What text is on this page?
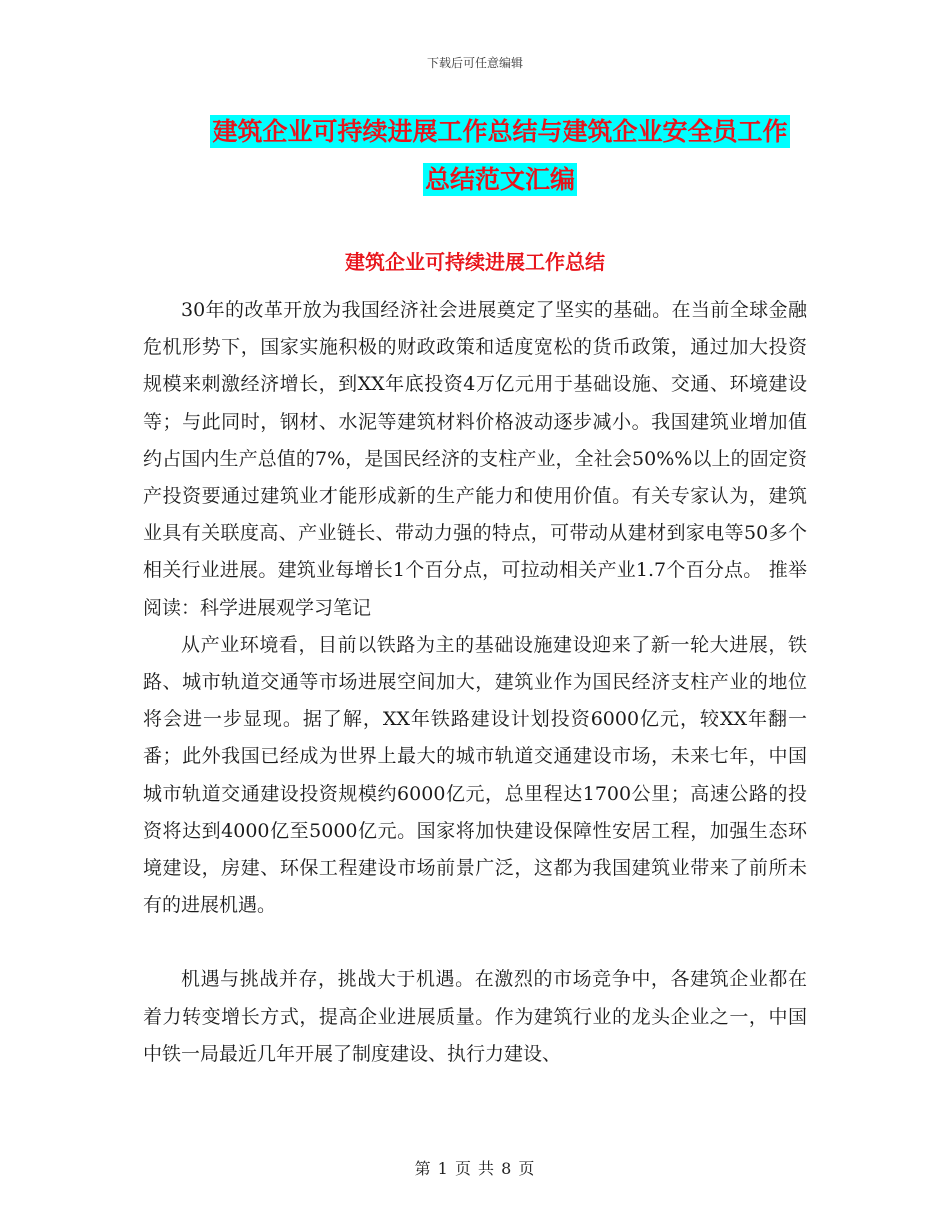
下载后可任意编辑
建筑企业可持续进展工作总结与建筑企业安全员工作
总结范文汇编
建筑企业可持续进展工作总结

30年的改革开放为我国经济社会进展奠定了坚实的基础。在当前全球金融危机形势下，国家实施积极的财政政策和适度宽松的货币政策，通过加大投资规模来刺激经济增长，到XX年底投资4万亿元用于基础设施、交通、环境建设等；与此同时，钢材、水泥等建筑材料价格波动逐步减小。我国建筑业增加值约占国内生产总值的7%，是国民经济的支柱产业，全社会50%%以上的固定资产投资要通过建筑业才能形成新的生产能力和使用价值。有关专家认为，建筑业具有关联度高、产业链长、带动力强的特点，可带动从建材到家电等50多个相关行业进展。建筑业每增长1个百分点，可拉动相关产业1.7个百分点。 推举阅读：科学进展观学习笔记

从产业环境看，目前以铁路为主的基础设施建设迎来了新一轮大进展，铁路、城市轨道交通等市场进展空间加大，建筑业作为国民经济支柱产业的地位将会进一步显现。据了解，XX年铁路建设计划投资6000亿元，较XX年翻一番；此外我国已经成为世界上最大的城市轨道交通建设市场，未来七年，中国城市轨道交通建设投资规模约6000亿元，总里程达1700公里；高速公路的投资将达到4000亿至5000亿元。国家将加快建设保障性安居工程，加强生态环境建设，房建、环保工程建设市场前景广泛，这都为我国建筑业带来了前所未有的进展机遇。

机遇与挑战并存，挑战大于机遇。在激烈的市场竞争中，各建筑企业都在着力转变增长方式，提高企业进展质量。作为建筑行业的龙头企业之一，中国中铁一局最近几年开展了制度建设、执行力建设、

第 1 页 共 8 页
